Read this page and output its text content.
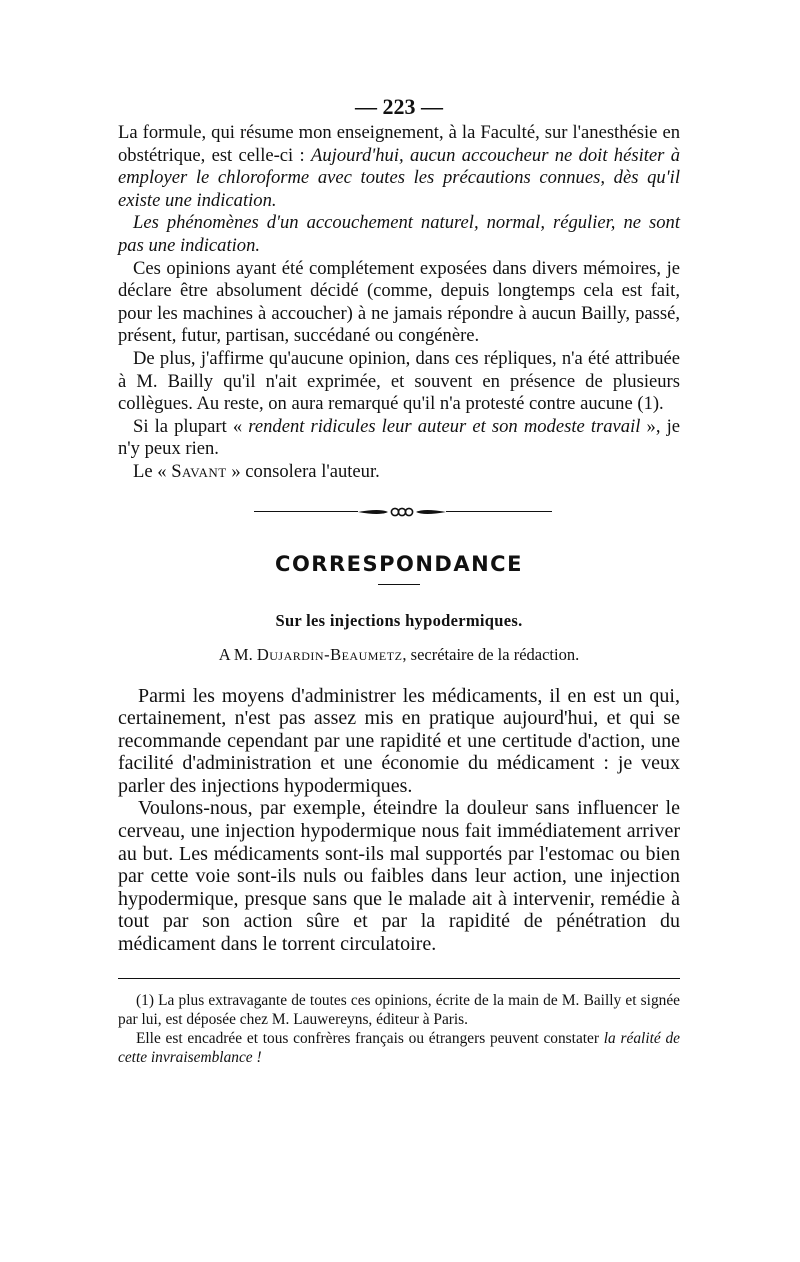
— 223 —

La formule, qui résume mon enseignement, à la Faculté, sur l'anesthésie en obstétrique, est celle-ci : Aujourd'hui, aucun accoucheur ne doit hésiter à employer le chloroforme avec toutes les précautions connues, dès qu'il existe une indication.

Les phénomènes d'un accouchement naturel, normal, régulier, ne sont pas une indication.

Ces opinions ayant été complétement exposées dans divers mémoires, je déclare être absolument décidé (comme, depuis longtemps cela est fait, pour les machines à accoucher) à ne jamais répondre à aucun Bailly, passé, présent, futur, partisan, succédané ou congénère.

De plus, j'affirme qu'aucune opinion, dans ces répliques, n'a été attribuée à M. Bailly qu'il n'ait exprimée, et souvent en présence de plusieurs collègues. Au reste, on aura remarqué qu'il n'a protesté contre aucune (1).

Si la plupart « rendent ridicules leur auteur et son modeste travail », je n'y peux rien.

Le « Savant » consolera l'auteur.

CORRESPONDANCE
Sur les injections hypodermiques.
A M. Dujardin-Beaumetz, secrétaire de la rédaction.

Parmi les moyens d'administrer les médicaments, il en est un qui, certainement, n'est pas assez mis en pratique aujourd'hui, et qui se recommande cependant par une rapidité et une certitude d'action, une facilité d'administration et une économie du médicament : je veux parler des injections hypodermiques.

Voulons-nous, par exemple, éteindre la douleur sans influencer le cerveau, une injection hypodermique nous fait immédiatement arriver au but. Les médicaments sont-ils mal supportés par l'estomac ou bien par cette voie sont-ils nuls ou faibles dans leur action, une injection hypodermique, presque sans que le malade ait à intervenir, remédie à tout par son action sûre et par la rapidité de pénétration du médicament dans le torrent circulatoire.

(1) La plus extravagante de toutes ces opinions, écrite de la main de M. Bailly et signée par lui, est déposée chez M. Lauwereyns, éditeur à Paris.

Elle est encadrée et tous confrères français ou étrangers peuvent constater la réalité de cette invraisemblance !
